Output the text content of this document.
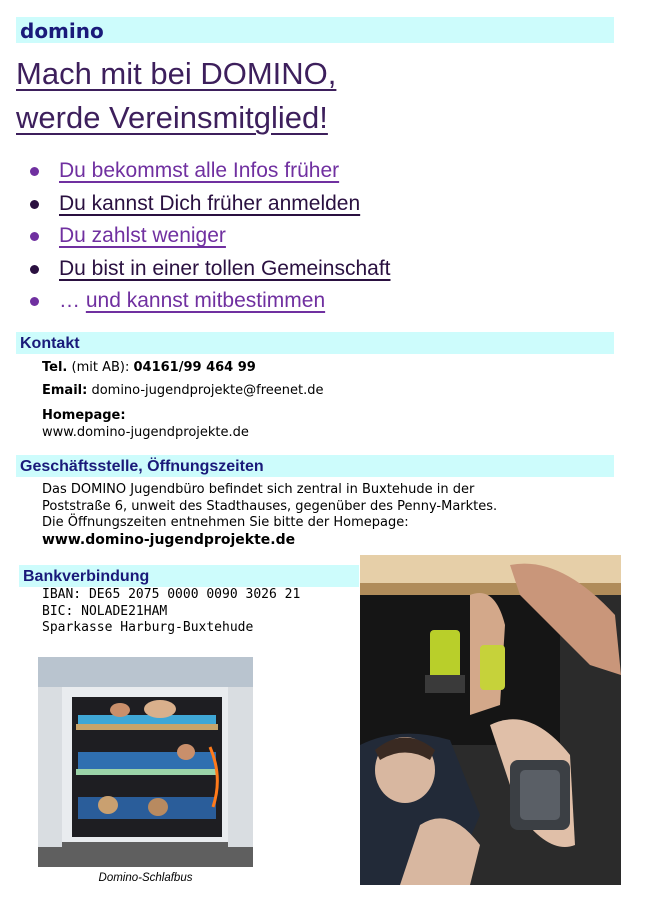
domino
Mach mit bei DOMINO,
werde Vereinsmitglied!
Du bekommst alle Infos früher
Du kannst Dich früher anmelden
Du zahlst weniger
Du bist in einer tollen Gemeinschaft
… und kannst mitbestimmen
Kontakt
Tel. (mit AB): 04161/99 464 99
Email: domino-jugendprojekte@freenet.de
Homepage:
www.domino-jugendprojekte.de
Geschäftsstelle, Öffnungszeiten
Das DOMINO Jugendbüro befindet sich zentral in Buxtehude in der
Poststraße 6, unweit des Stadthauses, gegenüber des Penny-Marktes.
Die Öffnungszeiten entnehmen Sie bitte der Homepage:
www.domino-jugendprojekte.de
Bankverbindung
IBAN: DE65 2075 0000 0090 3026 21
BIC: NOLADE21HAM
Sparkasse Harburg-Buxtehude
Domino-Schlafbus
